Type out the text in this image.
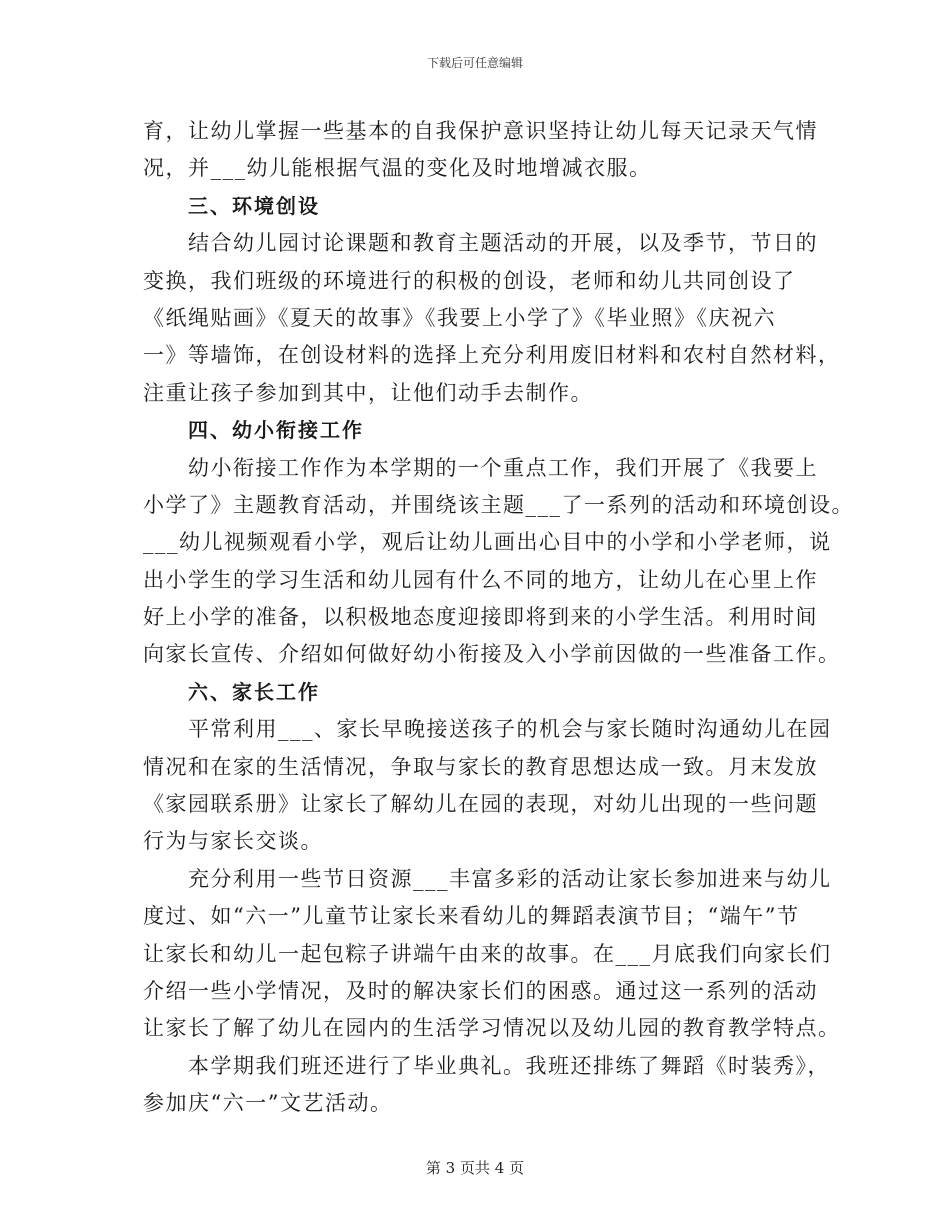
下载后可任意编辑
育，让幼儿掌握一些基本的自我保护意识坚持让幼儿每天记录天气情
况，并___幼儿能根据气温的变化及时地增减衣服。
三、环境创设
结合幼儿园讨论课题和教育主题活动的开展，以及季节，节日的
变换，我们班级的环境进行的积极的创设，老师和幼儿共同创设了
《纸绳贴画》《夏天的故事》《我要上小学了》《毕业照》《庆祝六
一》等墙饰，在创设材料的选择上充分利用废旧材料和农村自然材料，
注重让孩子参加到其中，让他们动手去制作。
四、幼小衔接工作
幼小衔接工作作为本学期的一个重点工作，我们开展了《我要上
小学了》主题教育活动，并围绕该主题___了一系列的活动和环境创设。
___幼儿视频观看小学，观后让幼儿画出心目中的小学和小学老师，说
出小学生的学习生活和幼儿园有什么不同的地方，让幼儿在心里上作
好上小学的准备，以积极地态度迎接即将到来的小学生活。利用时间
向家长宣传、介绍如何做好幼小衔接及入小学前因做的一些准备工作。
六、家长工作
平常利用___、家长早晚接送孩子的机会与家长随时沟通幼儿在园
情况和在家的生活情况，争取与家长的教育思想达成一致。月末发放
《家园联系册》让家长了解幼儿在园的表现，对幼儿出现的一些问题
行为与家长交谈。
充分利用一些节日资源___丰富多彩的活动让家长参加进来与幼儿
度过、如“六一”儿童节让家长来看幼儿的舞蹈表演节目；“端午”节
让家长和幼儿一起包粽子讲端午由来的故事。在___月底我们向家长们
介绍一些小学情况，及时的解决家长们的困惑。通过这一系列的活动
让家长了解了幼儿在园内的生活学习情况以及幼儿园的教育教学特点。
本学期我们班还进行了毕业典礼。我班还排练了舞蹈《时装秀》，
参加庆“六一”文艺活动。
第 3 页共 4 页
